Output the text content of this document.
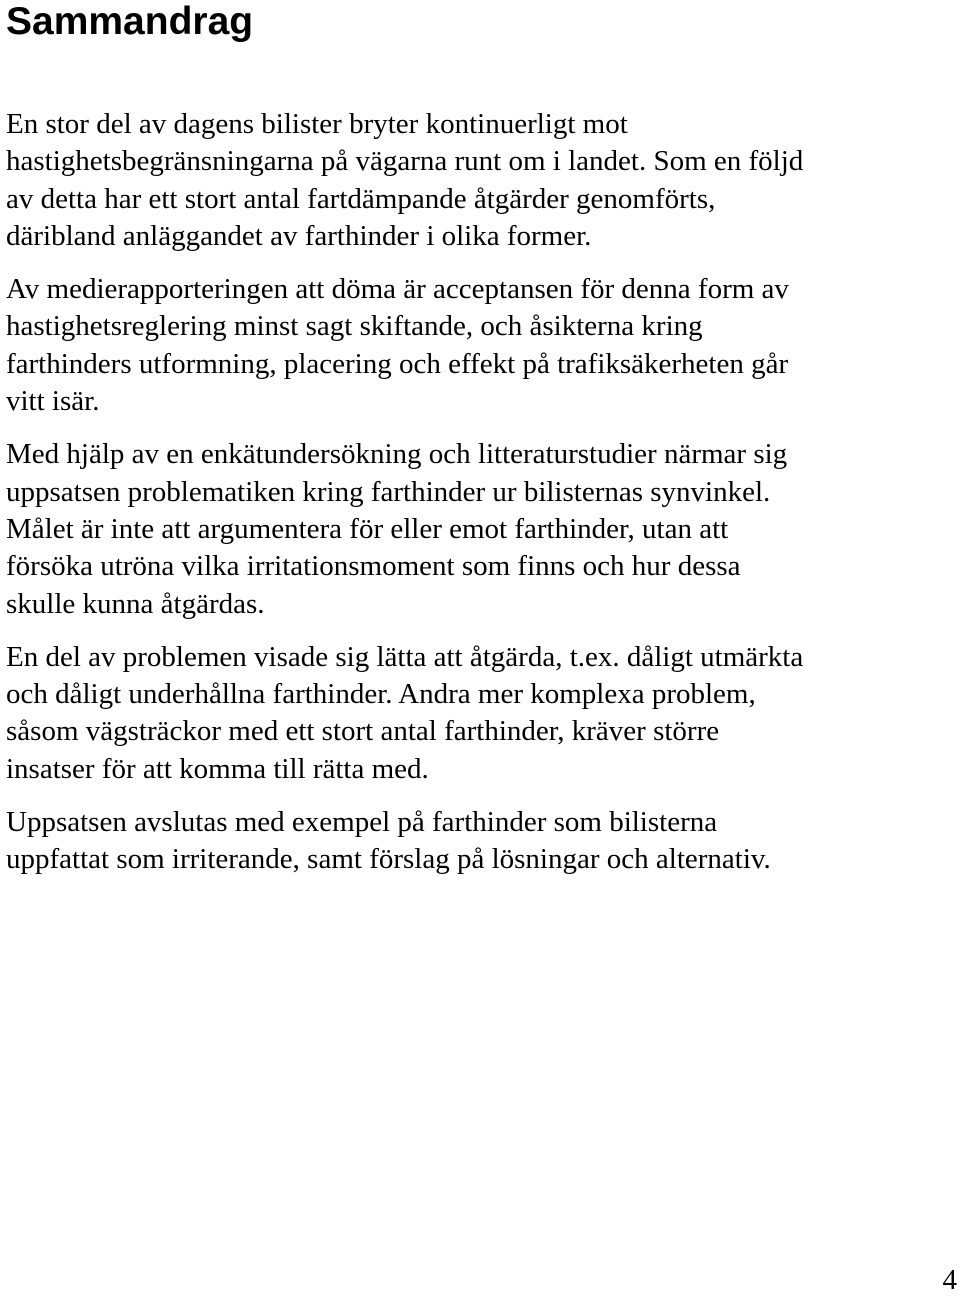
Sammandrag

En stor del av dagens bilister bryter kontinuerligt mot
hastighetsbegränsningarna på vägarna runt om i landet. Som en följd
av detta har ett stort antal fartdämpande åtgärder genomförts,
däribland anläggandet av farthinder i olika former.

Av medierapporteringen att döma är acceptansen för denna form av
hastighetsreglering minst sagt skiftande, och åsikterna kring
farthinders utformning, placering och effekt på trafiksäkerheten går
vitt isär.

Med hjälp av en enkätundersökning och litteraturstudier närmar sig
uppsatsen problematiken kring farthinder ur bilisternas synvinkel.
Målet är inte att argumentera för eller emot farthinder, utan att
försöka utröna vilka irritationsmoment som finns och hur dessa
skulle kunna åtgärdas.

En del av problemen visade sig lätta att åtgärda, t.ex. dåligt utmärkta
och dåligt underhållna farthinder. Andra mer komplexa problem,
såsom vägsträckor med ett stort antal farthinder, kräver större
insatser för att komma till rätta med.

Uppsatsen avslutas med exempel på farthinder som bilisterna
uppfattat som irriterande, samt förslag på lösningar och alternativ.

4
